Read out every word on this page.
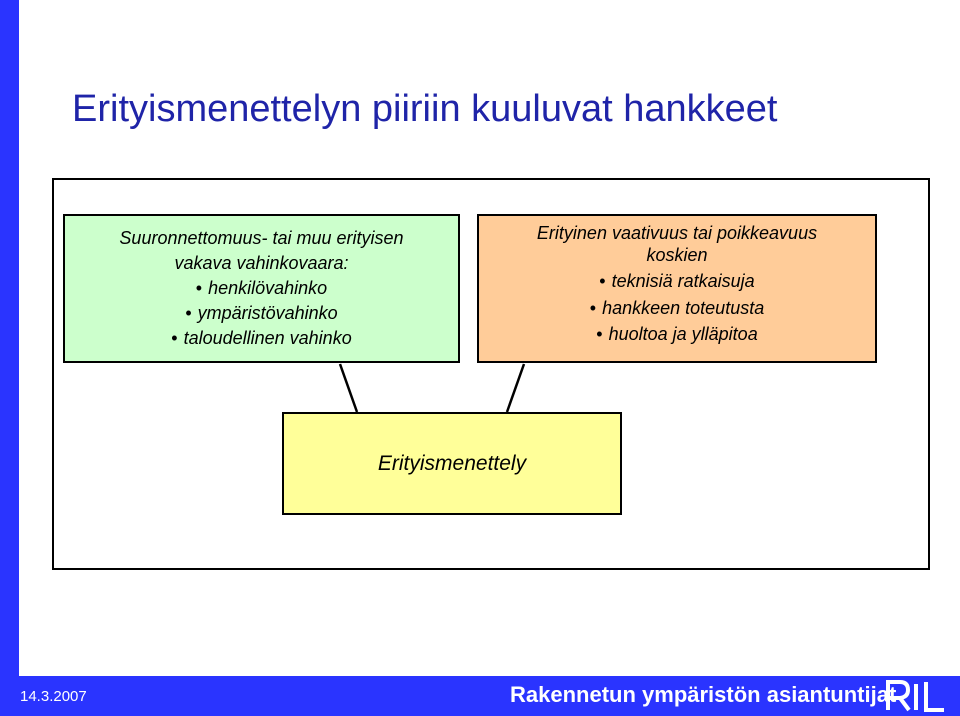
Erityismenettelyn piiriin kuuluvat hankkeet
Suuronnettomuus- tai muu erityisen
vakava vahinkovaara:
• henkilövahinko
• ympäristövahinko
• taloudellinen vahinko
Erityinen vaativuus tai poikkeavuus
koskien
• teknisiä ratkaisuja
• hankkeen toteutusta
• huoltoa ja ylläpitoa
Erityismenettely
14.3.2007	Rakennetun ympäristön asiantuntijat
